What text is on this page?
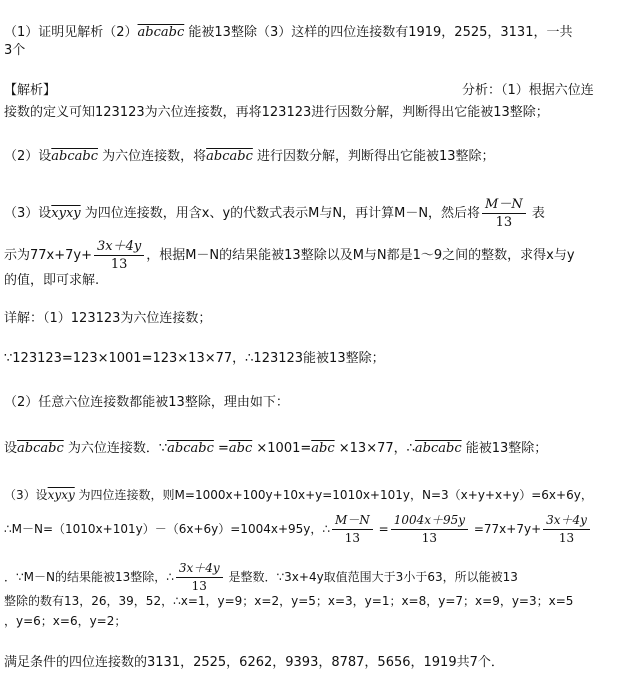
（1）证明见解析（2）abcabc 能被13整除（3）这样的四位连接数有1919，2525，3131，一共
3个
【解析】	分析：（1）根据六位连
接数的定义可知123123为六位连接数，再将123123进行因数分解，判断得出它能被13整除；
（2）设abcabc 为六位连接数，将abcabc 进行因数分解，判断得出它能被13整除；
（3）设xyxy 为四位连接数，用含x、y的代数式表示M与N，再计算M－N，然后将 $\frac{M-N}{13}$ 表
示为$77x+7y+ \frac{3x+4y}{13}$ ，根据M－N的结果能被13整除以及M与N都是1～9之间的整数，求得x与y
的值，即可求解.
详解：（1）123123为六位连接数；
∵123123=123×1001=123×13×77，∴123123能被13整除；
（2）任意六位连接数都能被13整除，理由如下：
设abcabc 为六位连接数．∵abcabc $=\overline{abc} \times 1001=\overline{abc} \times 13\times 77$，∴abcabc 能被13整除；
（3）设xyxy 为四位连接数，则M=1000x+100y+10x+y=1010x+101y，N=3（x+y+x+y）=6x+6y，
∴M－N=（1010x+101y）－（6x+6y）=1004x+95y，∴ $\frac{M-N}{13} = \frac{1004x+95y}{13} =77x+7y+ \frac{3x+4y}{13}$
．∵M－N的结果能被13整除，∴ $\frac{3x+4y}{13}$ 是整数．∵3x+4y取值范围大于3小于63，所以能被13
整除的数有13，26，39，52，∴x=1，y=9；x=2，y=5；x=3，y=1；x=8，y=7；x=9，y=3；x=5
，y=6；x=6，y=2；
满足条件的四位连接数的3131，2525，6262，9393，8787，5656，1919共7个．
